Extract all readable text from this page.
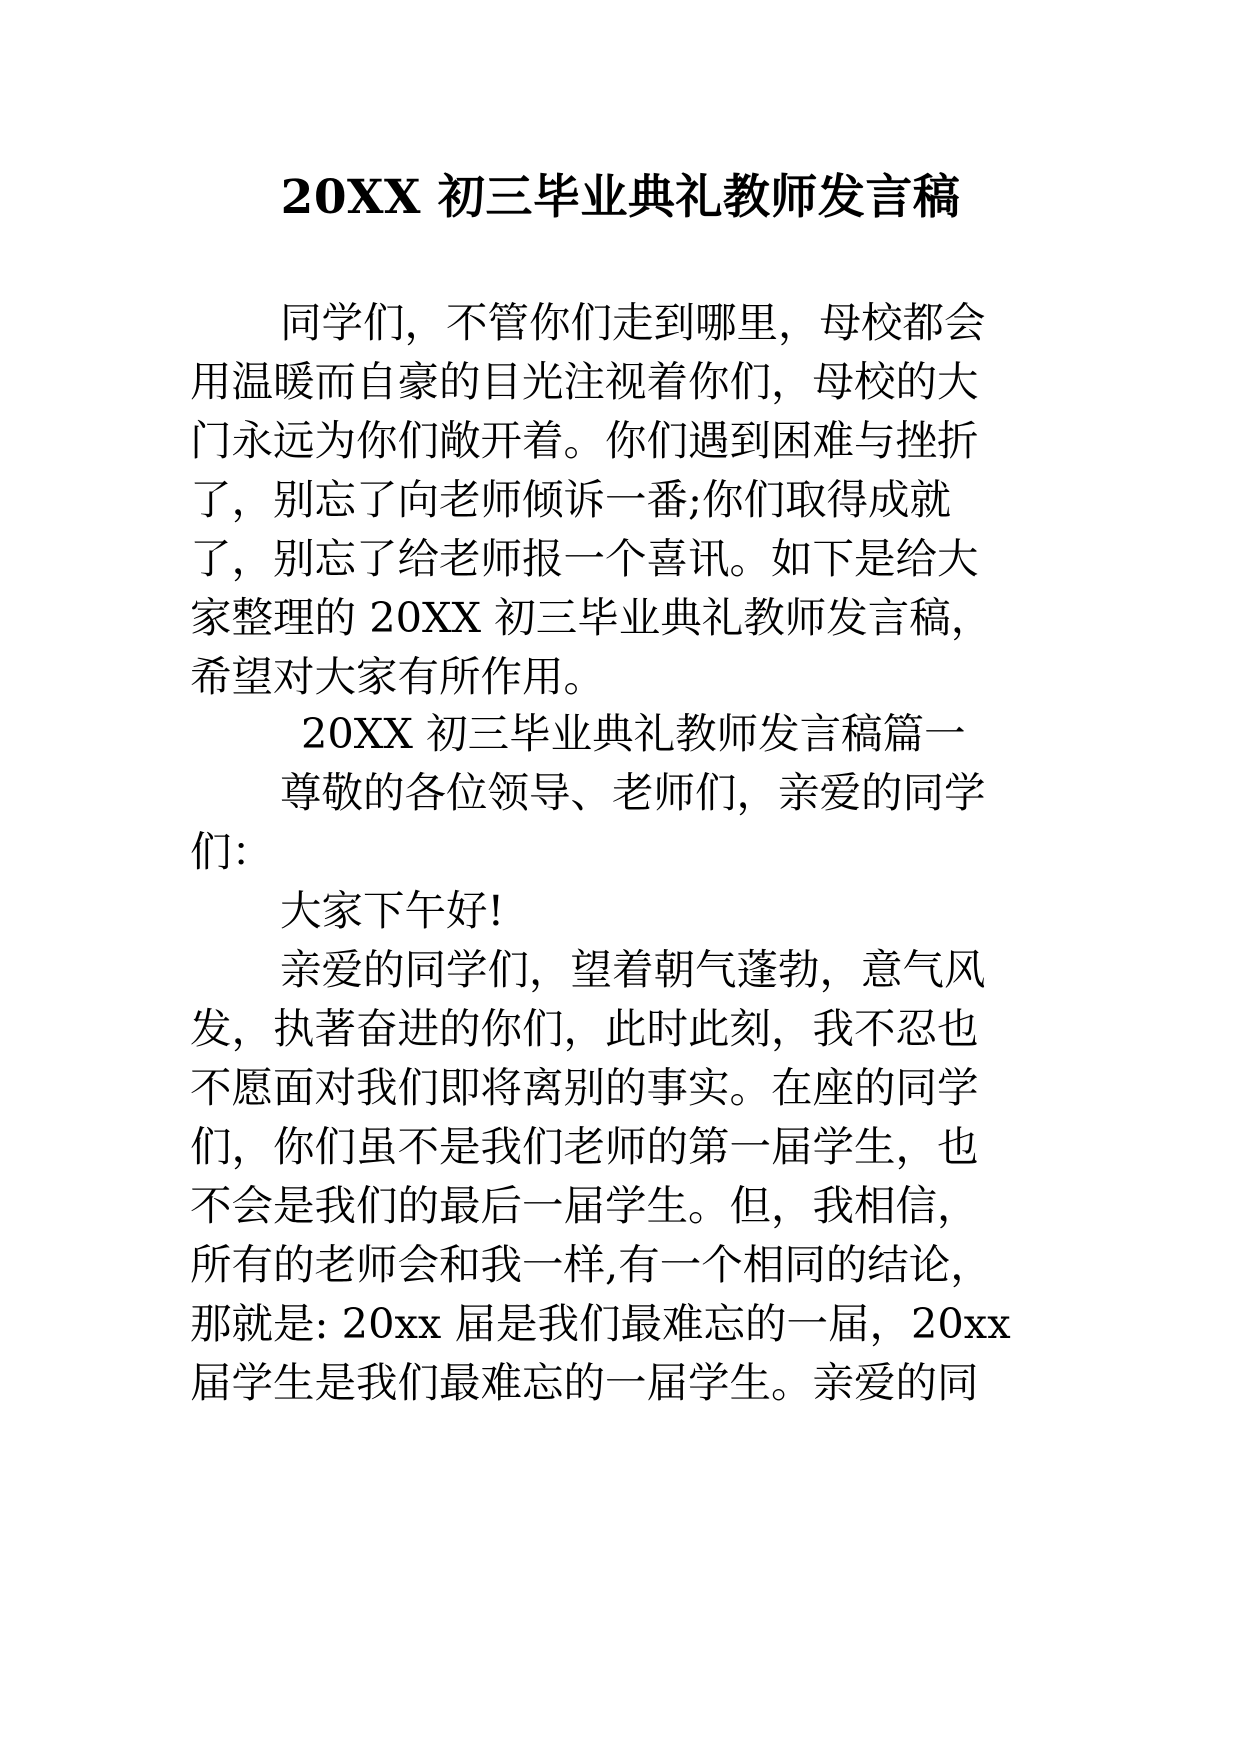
20XX 初三毕业典礼教师发言稿
同学们，不管你们走到哪里，母校都会
用温暖而自豪的目光注视着你们，母校的大
门永远为你们敞开着。你们遇到困难与挫折
了，别忘了向老师倾诉一番;你们取得成就
了，别忘了给老师报一个喜讯。如下是给大
家整理的 20XX 初三毕业典礼教师发言稿，
希望对大家有所作用。
20XX 初三毕业典礼教师发言稿篇一
尊敬的各位领导、老师们，亲爱的同学
们：
大家下午好!
亲爱的同学们，望着朝气蓬勃，意气风
发，执著奋进的你们，此时此刻，我不忍也
不愿面对我们即将离别的事实。在座的同学
们，你们虽不是我们老师的第一届学生，也
不会是我们的最后一届学生。但，我相信，
所有的老师会和我一样,有一个相同的结论，
那就是: 20xx 届是我们最难忘的一届，20xx
届学生是我们最难忘的一届学生。亲爱的同
